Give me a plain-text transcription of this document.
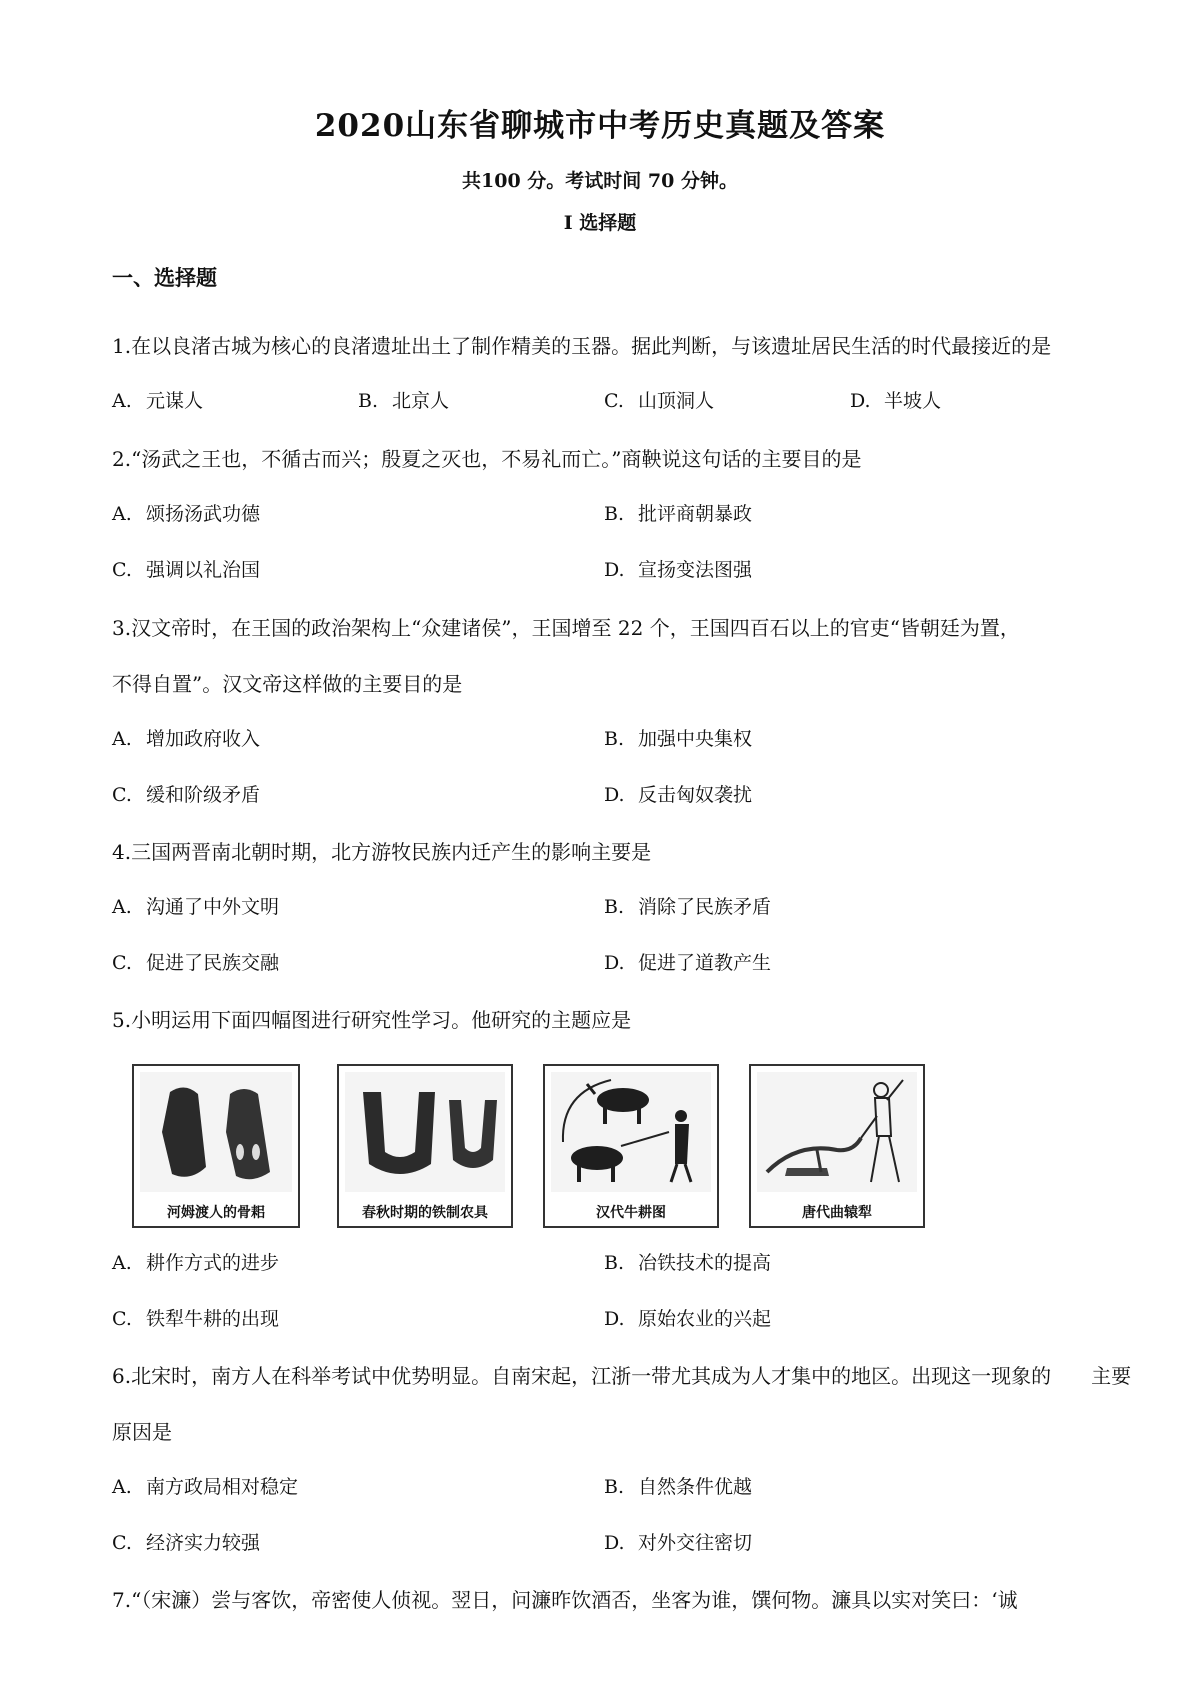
2020山东省聊城市中考历史真题及答案
共100 分。考试时间 70 分钟。
I 选择题
一、选择题
1.在以良渚古城为核心的良渚遗址出土了制作精美的玉器。据此判断，与该遗址居民生活的时代最接近的是
A. 元谋人	B. 北京人	C. 山顶洞人	D. 半坡人
2.“汤武之王也，不循古而兴；殷夏之灭也，不易礼而亡。”商鞅说这句话的主要目的是
A. 颂扬汤武功德	B. 批评商朝暴政
C. 强调以礼治国	D. 宣扬变法图强
3.汉文帝时，在王国的政治架构上“众建诸侯”，王国增至 22 个，王国四百石以上的官吏“皆朝廷为置，
不得自置”。汉文帝这样做的主要目的是
A. 增加政府收入	B. 加强中央集权
C. 缓和阶级矛盾	D. 反击匈奴袭扰
4.三国两晋南北朝时期，北方游牧民族内迁产生的影响主要是
A. 沟通了中外文明	B. 消除了民族矛盾
C. 促进了民族交融	D. 促进了道教产生
5.小明运用下面四幅图进行研究性学习。他研究的主题应是
河姆渡人的骨耜	春秋时期的铁制农具	汉代牛耕图	唐代曲辕犁
A. 耕作方式的进步	B. 冶铁技术的提高
C. 铁犁牛耕的出现	D. 原始农业的兴起
6.北宋时，南方人在科举考试中优势明显。自南宋起，江浙一带尤其成为人才集中的地区。出现这一现象的　　主要
原因是
A. 南方政局相对稳定	B. 自然条件优越
C. 经济实力较强	D. 对外交往密切
7.“（宋濂）尝与客饮，帝密使人侦视。翌日，问濂昨饮酒否，坐客为谁，馔何物。濂具以实对笑曰：‘诚
